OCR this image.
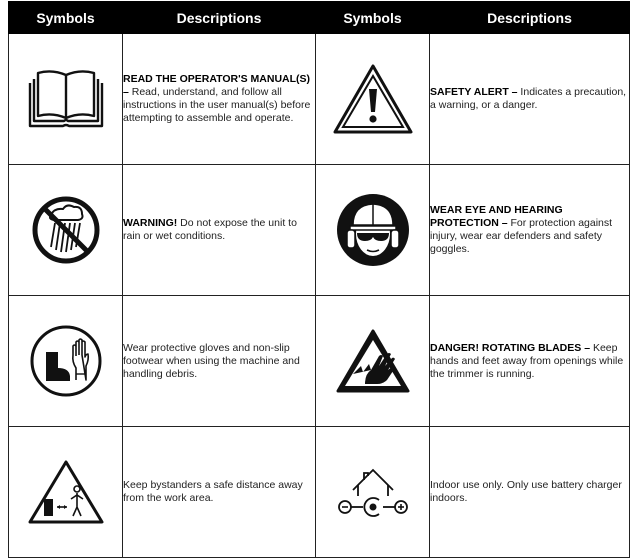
Symbols	Descriptions	Symbols	Descriptions
	READ THE OPERATOR'S MANUAL(S) – Read, understand, and follow all instructions in the user manual(s) before attempting to assemble and operate.		SAFETY ALERT – Indicates a precaution, a warning, or a danger.
	WARNING! Do not expose the unit to rain or wet conditions.		WEAR EYE AND HEARING PROTECTION – For protection against injury, wear ear defenders and safety goggles.
	Wear protective gloves and non-slip footwear when using the machine and handling debris.		DANGER! ROTATING BLADES – Keep hands and feet away from openings while the trimmer is running.
	Keep bystanders a safe distance away from the work area.		Indoor use only. Only use battery charger indoors.
